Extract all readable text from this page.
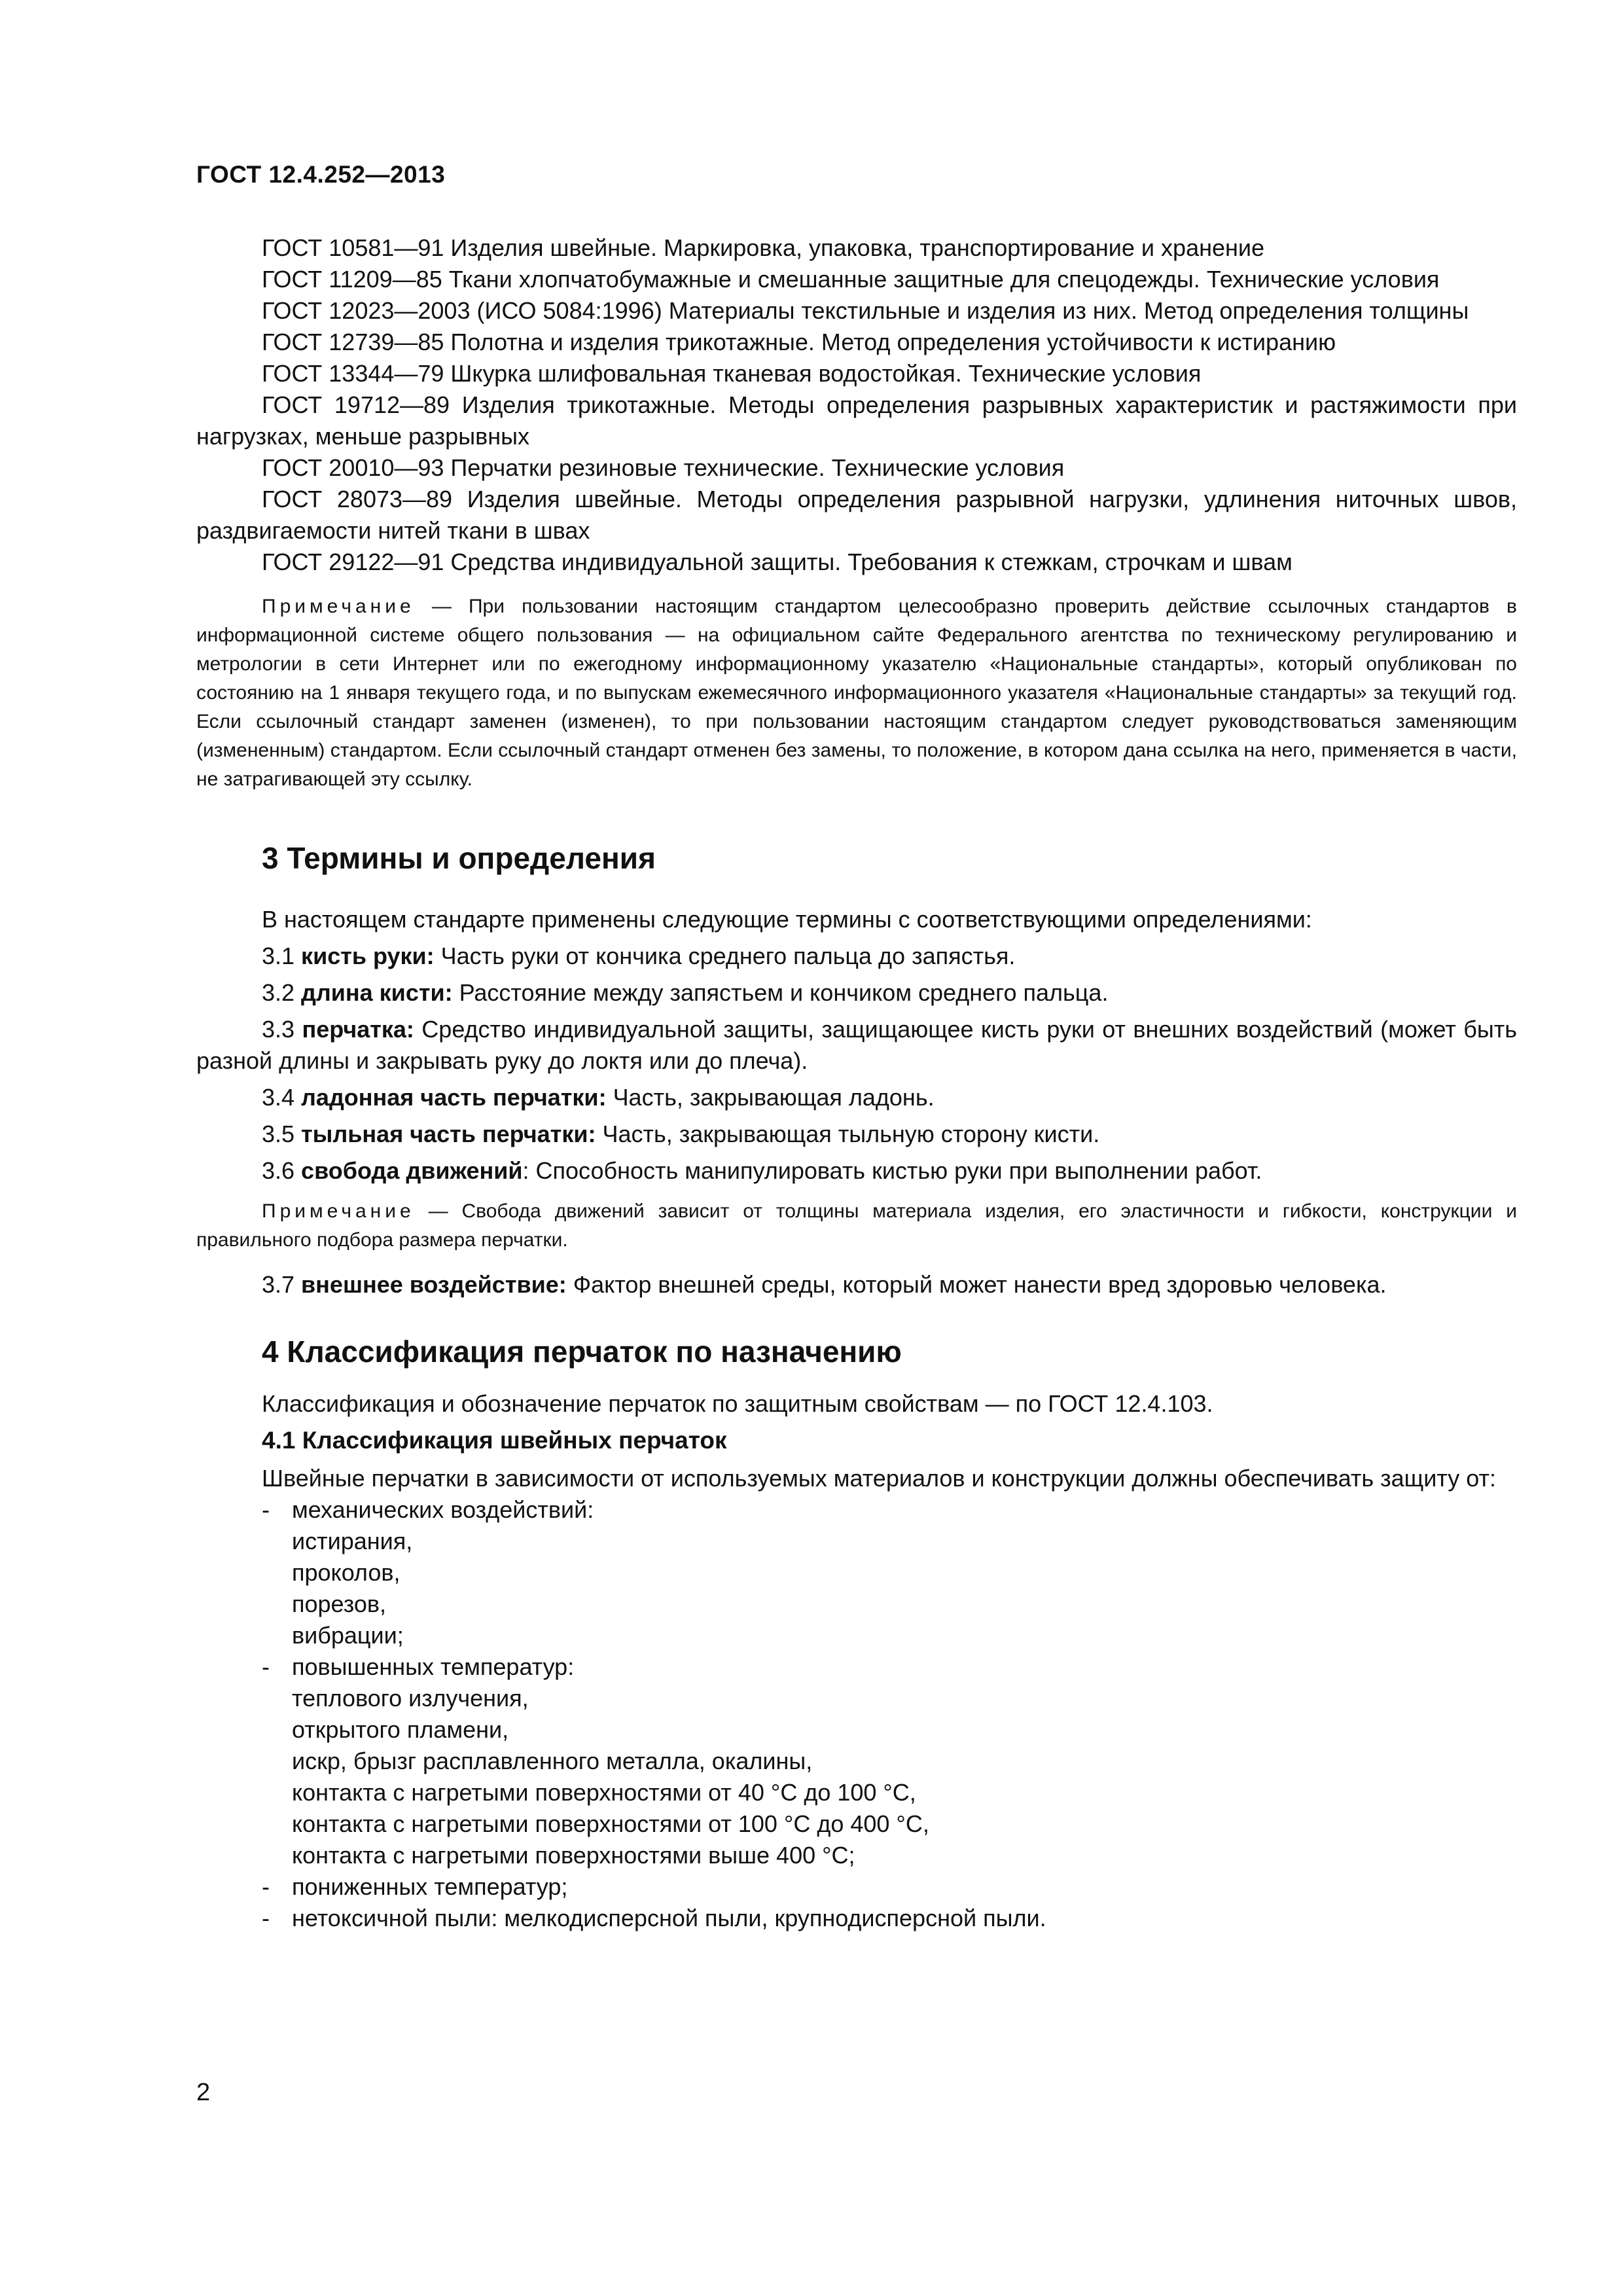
ГОСТ 12.4.252—2013

ГОСТ 10581—91 Изделия швейные. Маркировка, упаковка, транспортирование и хранение

ГОСТ 11209—85 Ткани хлопчатобумажные и смешанные защитные для спецодежды. Технические условия

ГОСТ 12023—2003 (ИСО 5084:1996) Материалы текстильные и изделия из них. Метод определения толщины

ГОСТ 12739—85 Полотна и изделия трикотажные. Метод определения устойчивости к истиранию

ГОСТ 13344—79 Шкурка шлифовальная тканевая водостойкая. Технические условия

ГОСТ 19712—89 Изделия трикотажные. Методы определения разрывных характеристик и растяжимости при нагрузках, меньше разрывных

ГОСТ 20010—93 Перчатки резиновые технические. Технические условия

ГОСТ 28073—89 Изделия швейные. Методы определения разрывной нагрузки, удлинения ниточных швов, раздвигаемости нитей ткани в швах

ГОСТ 29122—91 Средства индивидуальной защиты. Требования к стежкам, строчкам и швам

Примечание — При пользовании настоящим стандартом целесообразно проверить действие ссылочных стандартов в информационной системе общего пользования — на официальном сайте Федерального агентства по техническому регулированию и метрологии в сети Интернет или по ежегодному информационному указателю «Национальные стандарты», который опубликован по состоянию на 1 января текущего года, и по выпускам ежемесячного информационного указателя «Национальные стандарты» за текущий год. Если ссылочный стандарт заменен (изменен), то при пользовании настоящим стандартом следует руководствоваться заменяющим (измененным) стандартом. Если ссылочный стандарт отменен без замены, то положение, в котором дана ссылка на него, применяется в части, не затрагивающей эту ссылку.

3 Термины и определения

В настоящем стандарте применены следующие термины с соответствующими определениями:

3.1 кисть руки: Часть руки от кончика среднего пальца до запястья.

3.2 длина кисти: Расстояние между запястьем и кончиком среднего пальца.

3.3 перчатка: Средство индивидуальной защиты, защищающее кисть руки от внешних воздействий (может быть разной длины и закрывать руку до локтя или до плеча).

3.4 ладонная часть перчатки: Часть, закрывающая ладонь.

3.5 тыльная часть перчатки: Часть, закрывающая тыльную сторону кисти.

3.6 свобода движений: Способность манипулировать кистью руки при выполнении работ.

Примечание — Свобода движений зависит от толщины материала изделия, его эластичности и гибкости, конструкции и правильного подбора размера перчатки.

3.7 внешнее воздействие: Фактор внешней среды, который может нанести вред здоровью человека.

4 Классификация перчаток по назначению

Классификация и обозначение перчаток по защитным свойствам — по ГОСТ 12.4.103.

4.1 Классификация швейных перчаток

Швейные перчатки в зависимости от используемых материалов и конструкции должны обеспечивать защиту от:

- механических воздействий:
истирания,
проколов,
порезов,
вибрации;
- повышенных температур:
теплового излучения,
открытого пламени,
искр, брызг расплавленного металла, окалины,
контакта с нагретыми поверхностями от 40 °С до 100 °С,
контакта с нагретыми поверхностями от 100 °С до 400 °С,
контакта с нагретыми поверхностями выше 400 °С;
- пониженных температур;
- нетоксичной пыли: мелкодисперсной пыли, крупнодисперсной пыли.
2
